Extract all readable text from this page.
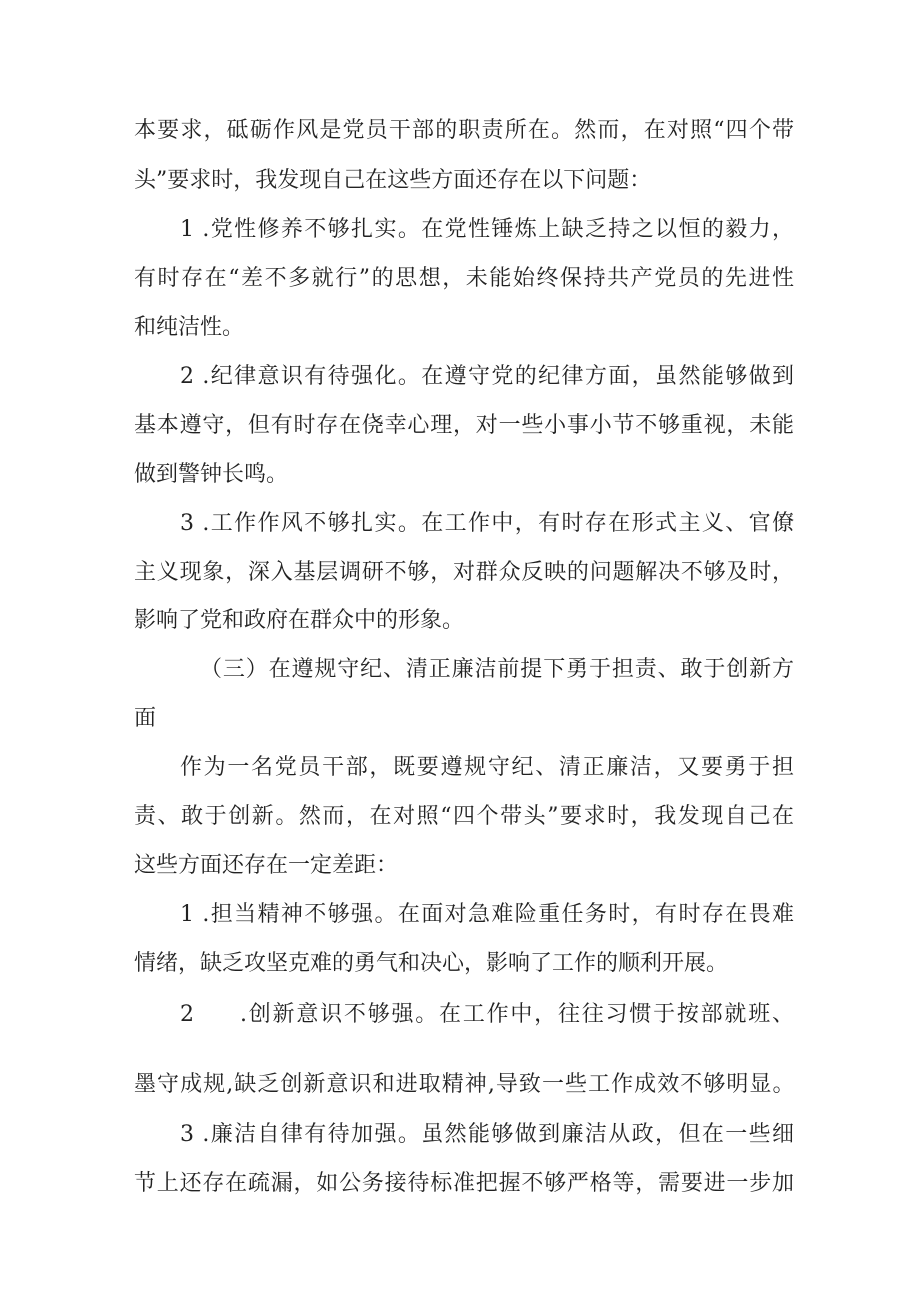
本要求，砥砺作风是党员干部的职责所在。然而，在对照“四个带
头”要求时，我发现自己在这些方面还存在以下问题：
1 .党性修养不够扎实。在党性锤炼上缺乏持之以恒的毅力，
有时存在“差不多就行”的思想，未能始终保持共产党员的先进性
和纯洁性。
2 .纪律意识有待强化。在遵守党的纪律方面，虽然能够做到
基本遵守，但有时存在侥幸心理，对一些小事小节不够重视，未能
做到警钟长鸣。
3 .工作作风不够扎实。在工作中，有时存在形式主义、官僚
主义现象，深入基层调研不够，对群众反映的问题解决不够及时，
影响了党和政府在群众中的形象。
（三）在遵规守纪、清正廉洁前提下勇于担责、敢于创新方
面
作为一名党员干部，既要遵规守纪、清正廉洁，又要勇于担
责、敢于创新。然而，在对照“四个带头”要求时，我发现自己在
这些方面还存在一定差距：
1 .担当精神不够强。在面对急难险重任务时，有时存在畏难
情绪，缺乏攻坚克难的勇气和决心，影响了工作的顺利开展。
2 .创新意识不够强。在工作中，往往习惯于按部就班、
墨守成规,缺乏创新意识和进取精神,导致一些工作成效不够明显。
3 .廉洁自律有待加强。虽然能够做到廉洁从政，但在一些细
节上还存在疏漏，如公务接待标准把握不够严格等，需要进一步加
